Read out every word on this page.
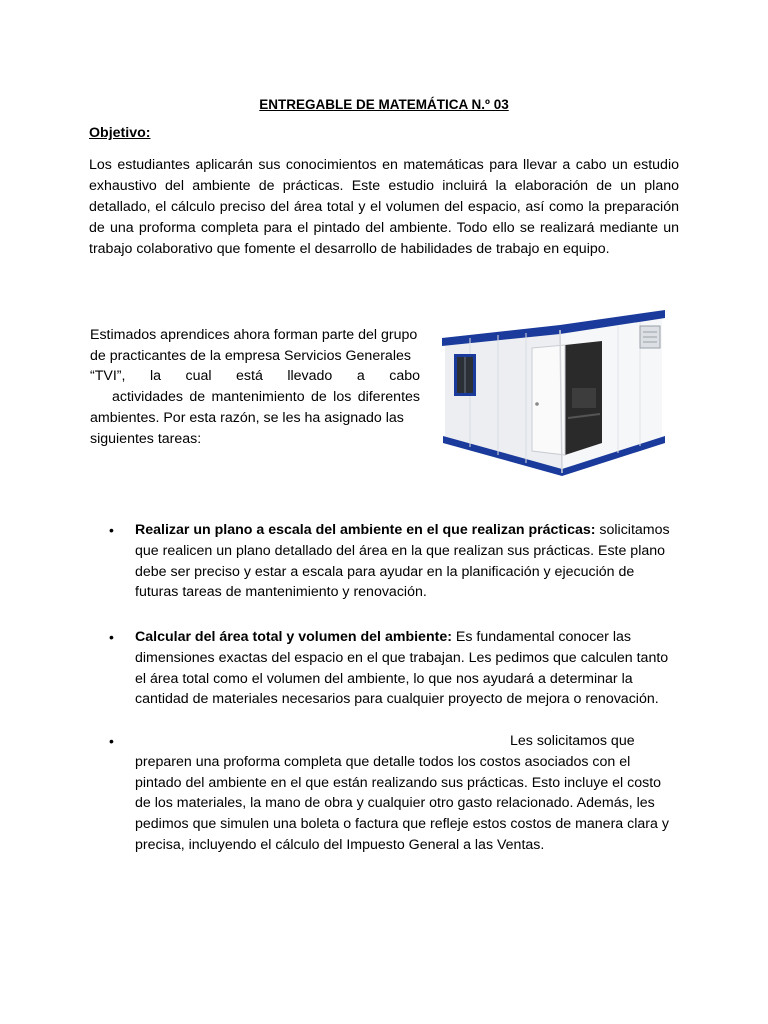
ENTREGABLE DE MATEMÁTICA N.º 03
Objetivo:
Los estudiantes aplicarán sus conocimientos en matemáticas para llevar a cabo un estudio exhaustivo del ambiente de prácticas. Este estudio incluirá la elaboración de un plano detallado, el cálculo preciso del área total y el volumen del espacio, así como la preparación de una proforma completa para el pintado del ambiente. Todo ello se realizará mediante un trabajo colaborativo que fomente el desarrollo de habilidades de trabajo en equipo.
Estimados aprendices ahora forman parte del grupo
de practicantes de la empresa Servicios Generales
“TVI”, la cual está llevado a cabo
actividades de mantenimiento de los diferentes
ambientes. Por esta razón, se les ha asignado las
siguientes tareas:
• Realizar un plano a escala del ambiente en el que realizan prácticas: solicitamos que realicen un plano detallado del área en la que realizan sus prácticas. Este plano debe ser preciso y estar a escala para ayudar en la planificación y ejecución de futuras tareas de mantenimiento y renovación.
• Calcular del área total y volumen del ambiente: Es fundamental conocer las dimensiones exactas del espacio en el que trabajan. Les pedimos que calculen tanto el área total como el volumen del ambiente, lo que nos ayudará a determinar la cantidad de materiales necesarios para cualquier proyecto de mejora o renovación.
•	Les solicitamos que
preparen una proforma completa que detalle todos los costos asociados con el pintado del ambiente en el que están realizando sus prácticas. Esto incluye el costo de los materiales, la mano de obra y cualquier otro gasto relacionado. Además, les pedimos que simulen una boleta o factura que refleje estos costos de manera clara y precisa, incluyendo el cálculo del Impuesto General a las Ventas.
